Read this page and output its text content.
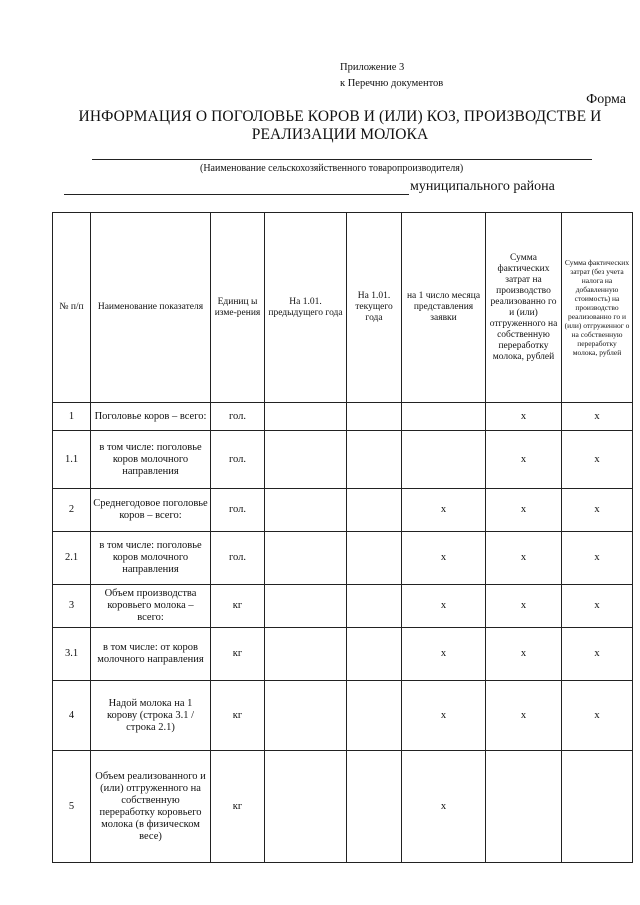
Приложение 3
к Перечню документов
Форма
ИНФОРМАЦИЯ О ПОГОЛОВЬЕ КОРОВ И (ИЛИ) КОЗ, ПРОИЗВОДСТВЕ И РЕАЛИЗАЦИИ МОЛОКА
(Наименование сельскохозяйственного товаропроизводителя)
муниципального района
№ п/п	Наименование показателя	Единиц ы изме-рения	На 1.01. предыдущего года	На 1.01. текущего года	на 1 число месяца представления заявки	Сумма фактических затрат на производство реализованно го и (или) отгруженного на собственную переработку молока, рублей	Сумма фактических затрат (без учета налога на добавленную стоимость) на производство реализованно го и (или) отгруженног о на собственную переработку молока, рублей
1	Поголовье коров – всего:	гол.				x	x
1.1	в том числе: поголовье коров молочного направления	гол.				x	x
2	Среднегодовое поголовье коров – всего:	гол.			x	x	x
2.1	в том числе: поголовье коров молочного направления	гол.			x	x	x
3	Объем производства коровьего молока – всего:	кг			x	x	x
3.1	в том числе: от коров молочного направления	кг			x	x	x
4	Надой молока на 1 корову (строка 3.1 / строка 2.1)	кг			x	x	x
5	Объем реализованного и (или) отгруженного на собственную переработку коровьего молока (в физическом весе)	кг			x		
